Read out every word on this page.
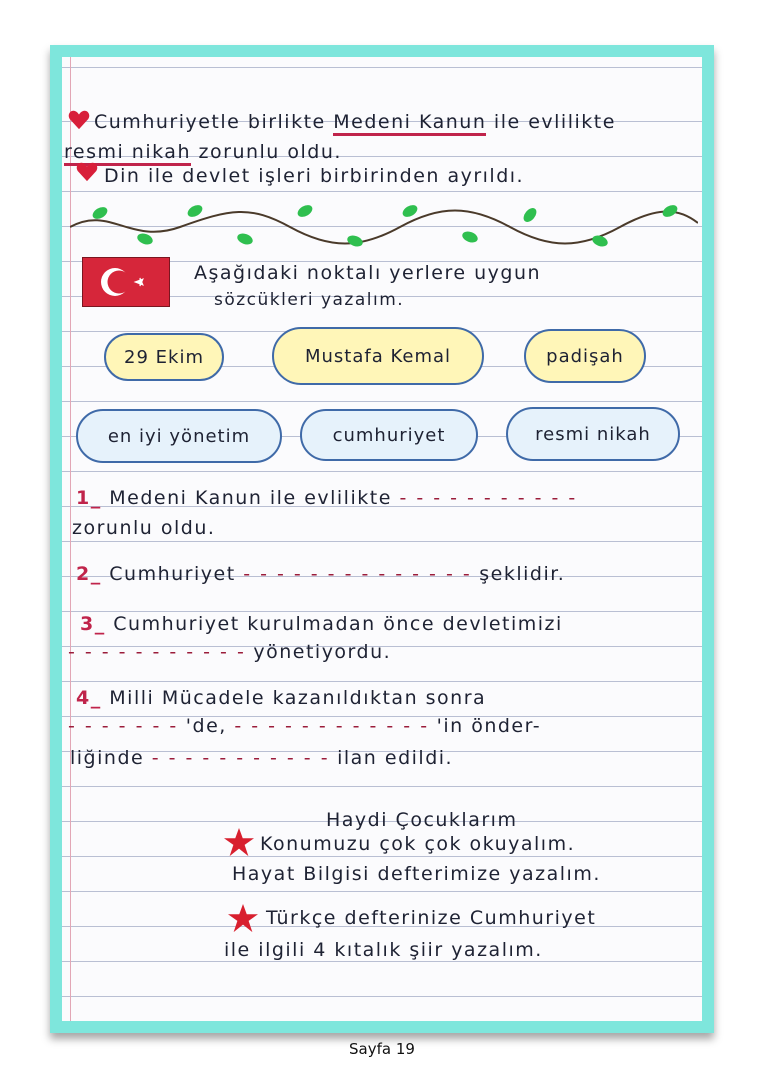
Cumhuriyetle birlikte Medeni Kanun ile evlilikte
resmi nikah zorunlu oldu.
Din ile devlet işleri birbirinden ayrıldı.
Aşağıdaki noktalı yerlere uygun
sözcükleri yazalım.
29 Ekim	Mustafa Kemal	padişah
en iyi yönetim	cumhuriyet	resmi nikah
1_ Medeni Kanun ile evlilikte - - - - - - - - - - -
zorunlu oldu.
2_ Cumhuriyet - - - - - - - - - - - - - - şeklidir.
3_ Cumhuriyet kurulmadan önce devletimizi
- - - - - - - - - - - yönetiyordu.
4_ Milli Mücadele kazanıldıktan sonra
- - - - - - - 'de, - - - - - - - - - - - - 'in önder-
liğinde - - - - - - - - - - - ilan edildi.
Haydi Çocuklarım
Konumuzu çok çok okuyalım.
Hayat Bilgisi defterimize yazalım.
Türkçe defterinize Cumhuriyet
ile ilgili 4 kıtalık şiir yazalım.
Sayfa 19
